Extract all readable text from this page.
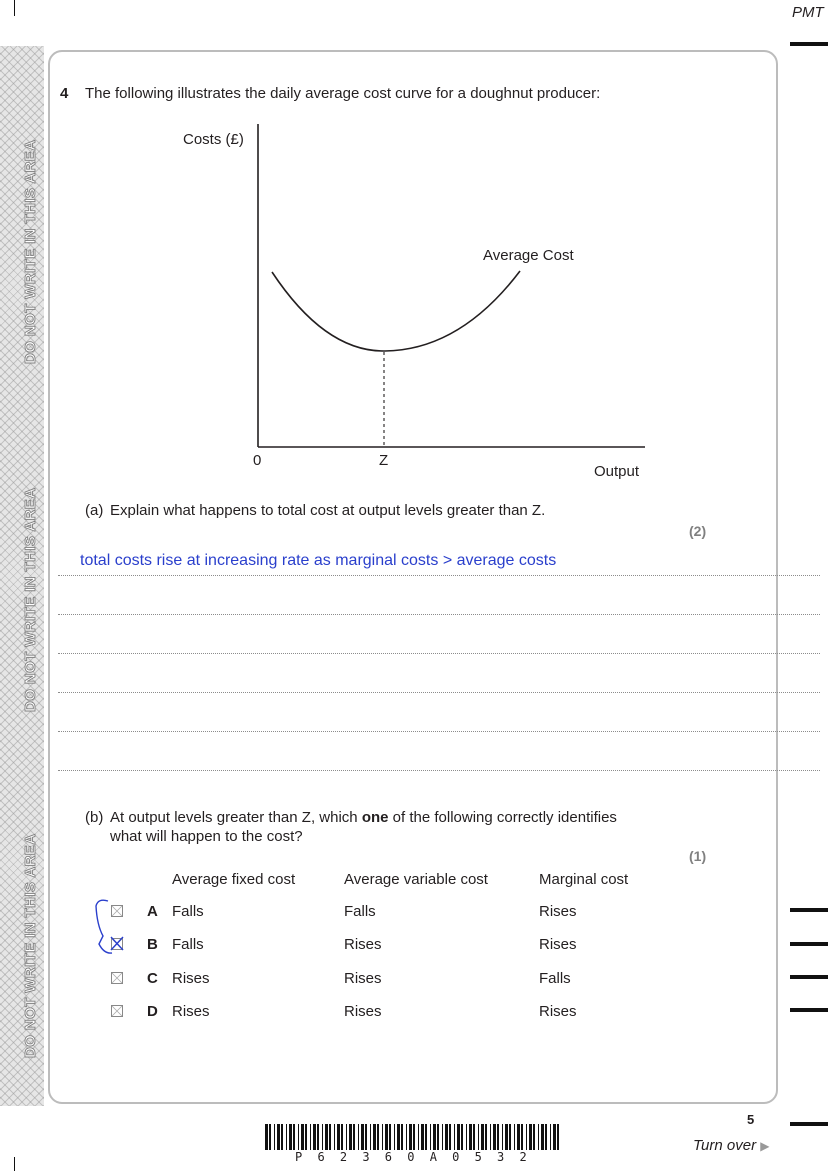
PMT
DO NOT WRITE IN THIS AREA
DO NOT WRITE IN THIS AREA
DO NOT WRITE IN THIS AREA
4 The following illustrates the daily average cost curve for a doughnut producer:
Costs (£)
Average Cost
0	Z
Output
(a) Explain what happens to total cost at output levels greater than Z.
(2)
total costs rise at increasing rate as marginal costs > average costs
(b) At output levels greater than Z, which one of the following correctly identifies
what will happen to the cost?
(1)
Average fixed cost	Average variable cost	Marginal cost
A Falls	Falls	Rises
B Falls	Rises	Rises
C Rises	Rises	Falls
D Rises	Rises	Rises
5
Turn over ▶
P 6 2 3 6 0 A 0 5 3 2
